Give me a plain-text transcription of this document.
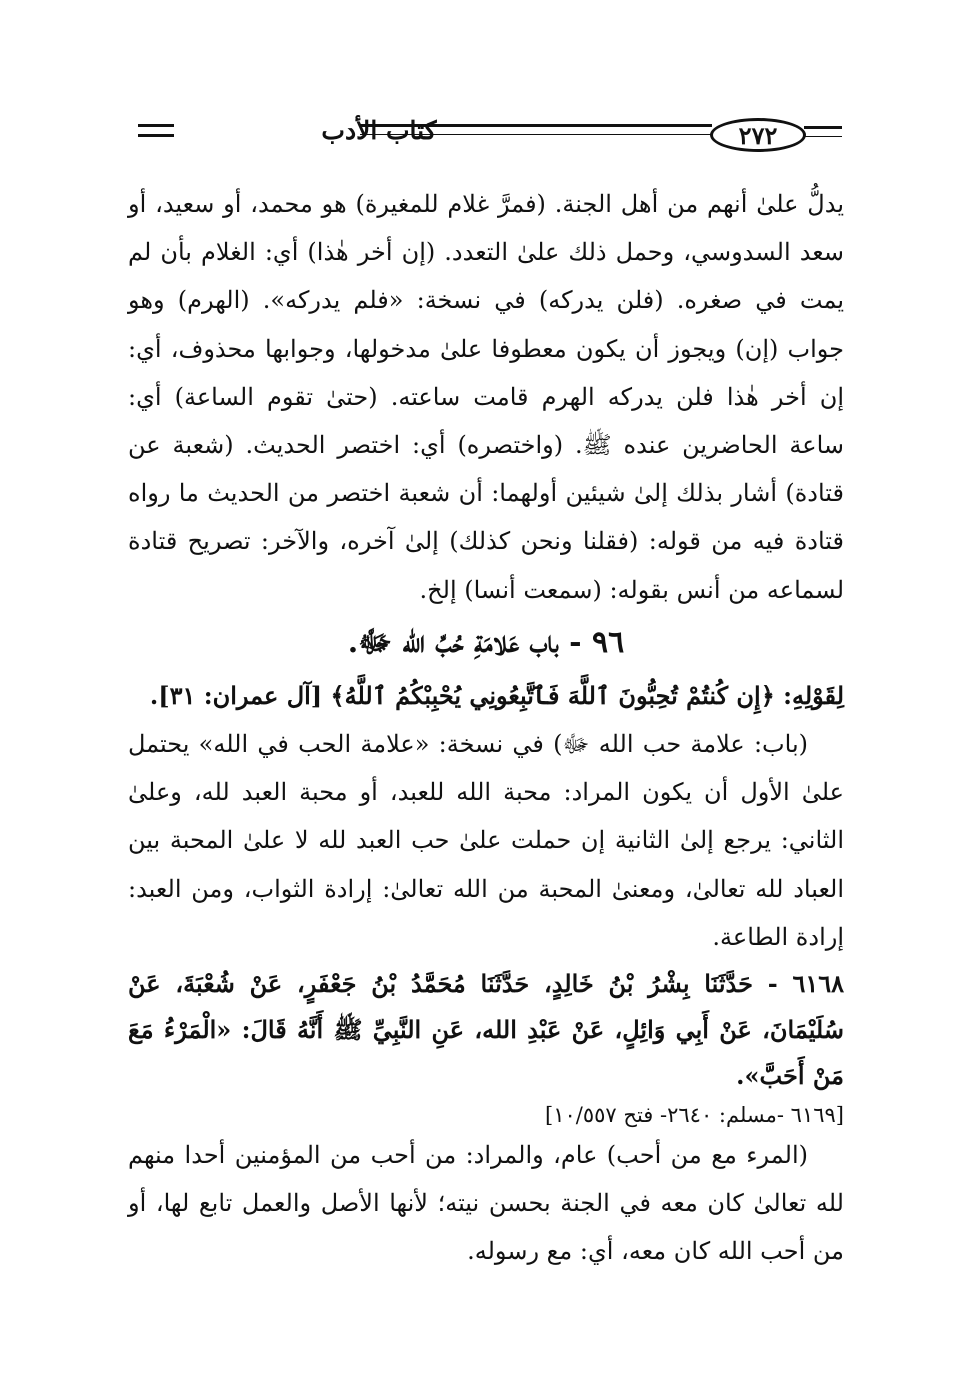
كتاب الأدب	٢٧٢

يدلُّ علىٰ أنهم من أهل الجنة. (فمرَّ غلام للمغيرة) هو محمد، أو سعيد، أو سعد السدوسي، وحمل ذلك علىٰ التعدد. (إن أخر هٰذا) أي: الغلام بأن لم يمت في صغره. (فلن يدركه) في نسخة: «فلم يدركه». (الهرم) وهو جواب (إن) ويجوز أن يكون معطوفا علىٰ مدخولها، وجوابها محذوف، أي: إن أخر هٰذا فلن يدركه الهرم قامت ساعته. (حتىٰ تقوم الساعة) أي: ساعة الحاضرين عنده ﷺ. (واختصره) أي: اختصر الحديث. (شعبة عن قتادة) أشار بذلك إلىٰ شيئين أولهما: أن شعبة اختصر من الحديث ما رواه قتادة فيه من قوله: (فقلنا ونحن كذلك) إلىٰ آخره، والآخر: تصريح قتادة لسماعه من أنس بقوله: (سمعت أنسا) إلخ.

٩٦ - باب عَلامَةِ حُبِّ الله ﷻ.

لِقَوْلِهِ: ﴿إِن كُنتُمْ تُحِبُّونَ ٱللَّهَ فَٱتَّبِعُونِي يُحْبِبْكُمُ ٱللَّهُ﴾ [آل عمران: ٣١].

(باب: علامة حب الله ﷻ) في نسخة: «علامة الحب في الله» يحتمل علىٰ الأول أن يكون المراد: محبة الله للعبد، أو محبة العبد لله، وعلىٰ الثاني: يرجع إلىٰ الثانية إن حملت علىٰ حب العبد لله لا علىٰ المحبة بين العباد لله تعالىٰ، ومعنىٰ المحبة من الله تعالىٰ: إرادة الثواب، ومن العبد: إرادة الطاعة.

٦١٦٨ - حَدَّثَنَا بِشْرُ بْنُ خَالِدٍ، حَدَّثَنَا مُحَمَّدُ بْنُ جَعْفَرٍ، عَنْ شُعْبَةَ، عَنْ سُلَيْمَانَ، عَنْ أَبِي وَائِلٍ، عَنْ عَبْدِ الله، عَنِ النَّبِيِّ ﷺ أَنَّهُ قَالَ: «الْمَرْءُ مَعَ مَنْ أَحَبَّ».

[٦١٦٩ -مسلم: ٢٦٤٠- فتح ١٠/٥٥٧]

(المرء مع من أحب) عام، والمراد: من أحب من المؤمنين أحدا منهم لله تعالىٰ كان معه في الجنة بحسن نيته؛ لأنها الأصل والعمل تابع لها، أو من أحب الله كان معه، أي: مع رسوله.
